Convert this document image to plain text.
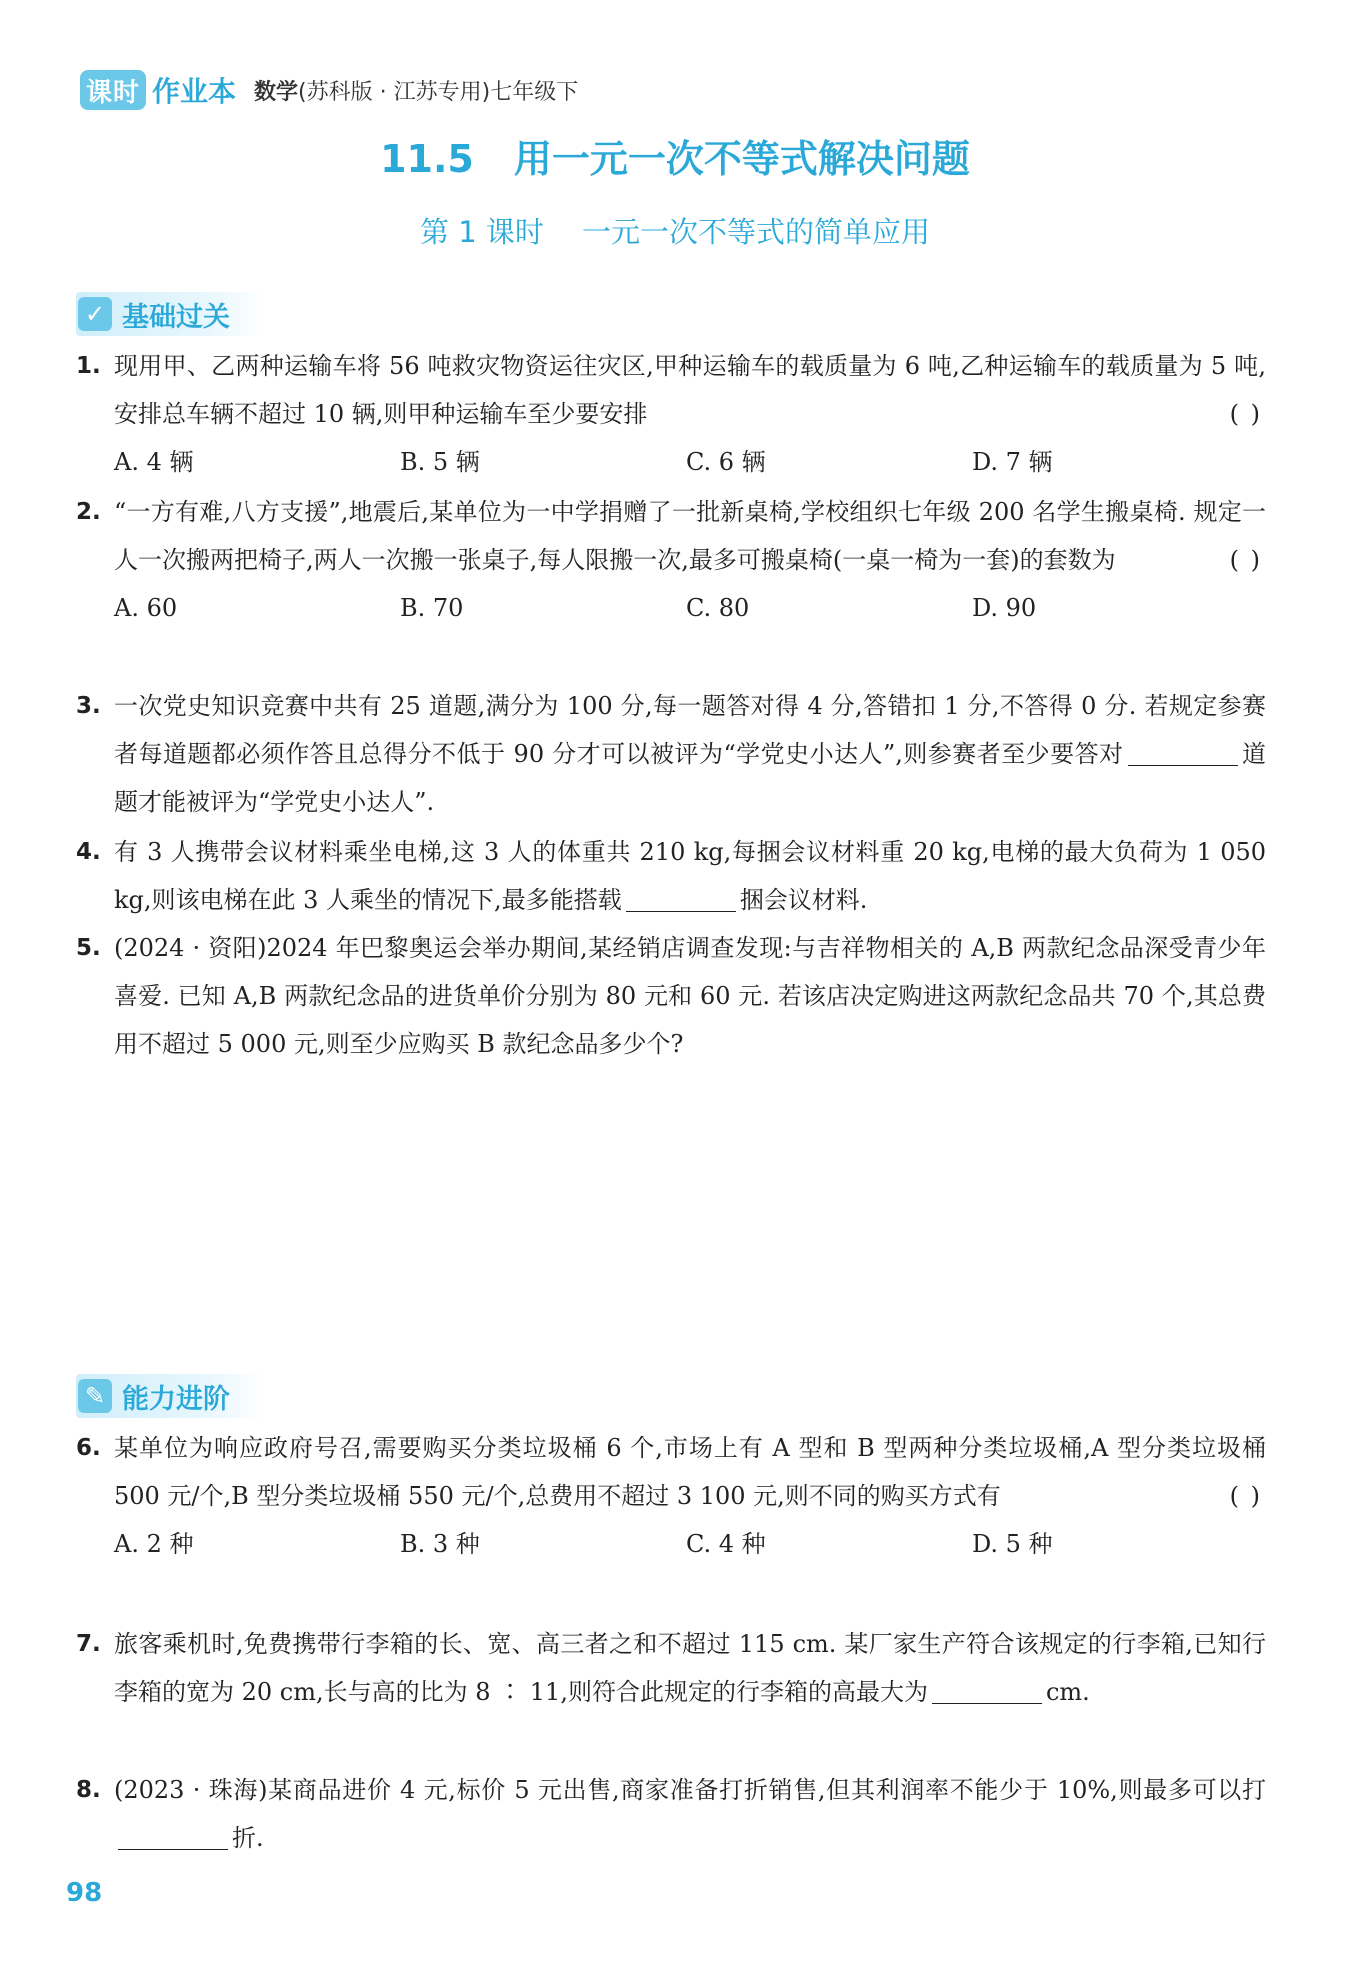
课时 作业本 数学(苏科版 · 江苏专用)七年级下
11.5 用一元一次不等式解决问题
第 1 课时 一元一次不等式的简单应用
✓ 基础过关
1. 现用甲、乙两种运输车将 56 吨救灾物资运往灾区,甲种运输车的载质量为 6 吨,乙种运输车的载质量为 5 吨,安排总车辆不超过 10 辆,则甲种运输车至少要安排	( )
A. 4 辆	B. 5 辆	C. 6 辆	D. 7 辆
2. “一方有难,八方支援”,地震后,某单位为一中学捐赠了一批新桌椅,学校组织七年级 200 名学生搬桌椅. 规定一人一次搬两把椅子,两人一次搬一张桌子,每人限搬一次,最多可搬桌椅(一桌一椅为一套)的套数为	( )
A. 60	B. 70	C. 80	D. 90
3. 一次党史知识竞赛中共有 25 道题,满分为 100 分,每一题答对得 4 分,答错扣 1 分,不答得 0 分. 若规定参赛者每道题都必须作答且总得分不低于 90 分才可以被评为“学党史小达人”,则参赛者至少要答对	道题才能被评为“学党史小达人”.
4. 有 3 人携带会议材料乘坐电梯,这 3 人的体重共 210 kg,每捆会议材料重 20 kg,电梯的最大负荷为 1 050 kg,则该电梯在此 3 人乘坐的情况下,最多能搭载	捆会议材料.
5. (2024 · 资阳)2024 年巴黎奥运会举办期间,某经销店调查发现:与吉祥物相关的 A,B 两款纪念品深受青少年喜爱. 已知 A,B 两款纪念品的进货单价分别为 80 元和 60 元. 若该店决定购进这两款纪念品共 70 个,其总费用不超过 5 000 元,则至少应购买 B 款纪念品多少个?
✎ 能力进阶
6. 某单位为响应政府号召,需要购买分类垃圾桶 6 个,市场上有 A 型和 B 型两种分类垃圾桶,A 型分类垃圾桶 500 元/个,B 型分类垃圾桶 550 元/个,总费用不超过 3 100 元,则不同的购买方式有	( )
A. 2 种	B. 3 种	C. 4 种	D. 5 种
7. 旅客乘机时,免费携带行李箱的长、宽、高三者之和不超过 115 cm. 某厂家生产符合该规定的行李箱,已知行李箱的宽为 20 cm,长与高的比为 8 ∶ 11,则符合此规定的行李箱的高最大为	cm.
8. (2023 · 珠海)某商品进价 4 元,标价 5 元出售,商家准备打折销售,但其利润率不能少于 10%,则最多可以打折.
98
